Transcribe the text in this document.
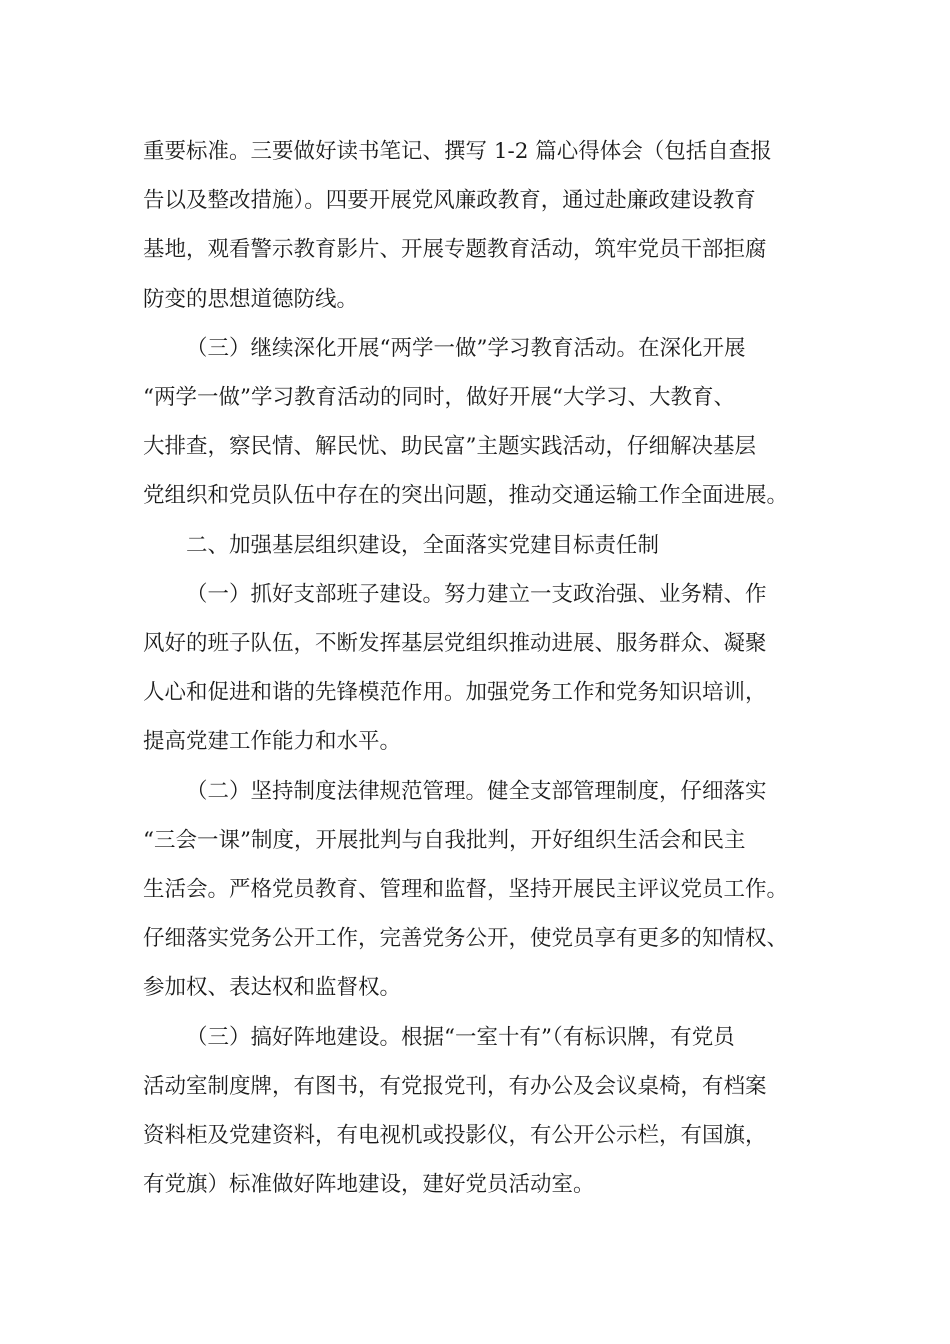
重要标准。三要做好读书笔记、撰写 1-2 篇心得体会（包括自查报
告以及整改措施）。四要开展党风廉政教育，通过赴廉政建设教育
基地，观看警示教育影片、开展专题教育活动，筑牢党员干部拒腐
防变的思想道德防线。

（三）继续深化开展“两学一做”学习教育活动。在深化开展
“两学一做”学习教育活动的同时，做好开展“大学习、大教育、
大排查，察民情、解民忧、助民富”主题实践活动，仔细解决基层
党组织和党员队伍中存在的突出问题，推动交通运输工作全面进展。

二、加强基层组织建设，全面落实党建目标责任制

（一）抓好支部班子建设。努力建立一支政治强、业务精、作
风好的班子队伍，不断发挥基层党组织推动进展、服务群众、凝聚
人心和促进和谐的先锋模范作用。加强党务工作和党务知识培训，
提高党建工作能力和水平。

（二）坚持制度法律规范管理。健全支部管理制度，仔细落实
“三会一课”制度，开展批判与自我批判，开好组织生活会和民主
生活会。严格党员教育、管理和监督，坚持开展民主评议党员工作。
仔细落实党务公开工作，完善党务公开，使党员享有更多的知情权、
参加权、表达权和监督权。

（三）搞好阵地建设。根据“一室十有”（有标识牌，有党员
活动室制度牌，有图书，有党报党刊，有办公及会议桌椅，有档案
资料柜及党建资料，有电视机或投影仪，有公开公示栏，有国旗，
有党旗）标准做好阵地建设，建好党员活动室。
